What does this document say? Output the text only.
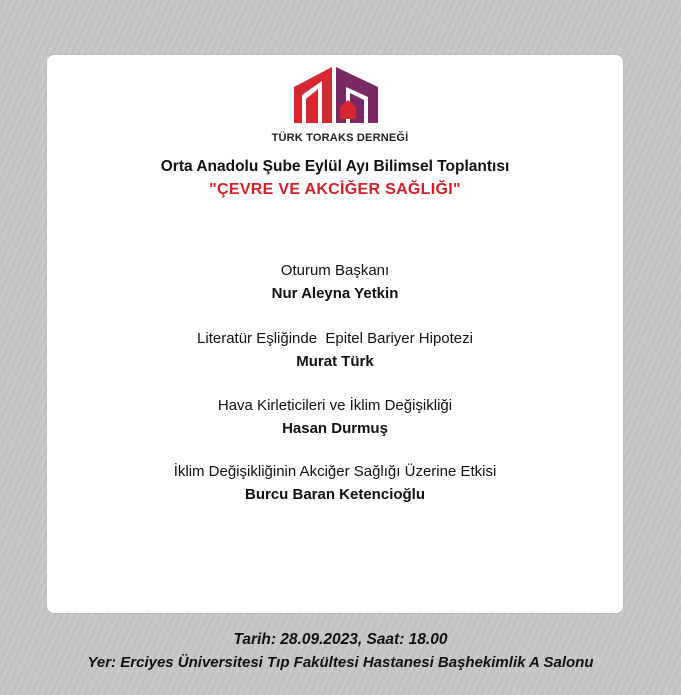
TÜRK TORAKS DERNEĞİ
Orta Anadolu Şube Eylül Ayı Bilimsel Toplantısı
"ÇEVRE VE AKCİĞER SAĞLIĞI"
Oturum Başkanı
Nur Aleyna Yetkin
Literatür Eşliğinde  Epitel Bariyer Hipotezi
Murat Türk
Hava Kirleticileri ve İklim Değişikliği
Hasan Durmuş
İklim Değişikliğinin Akciğer Sağlığı Üzerine Etkisi
Burcu Baran Ketencioğlu
Tarih: 28.09.2023, Saat: 18.00
Yer: Erciyes Üniversitesi Tıp Fakültesi Hastanesi Başhekimlik A Salonu
